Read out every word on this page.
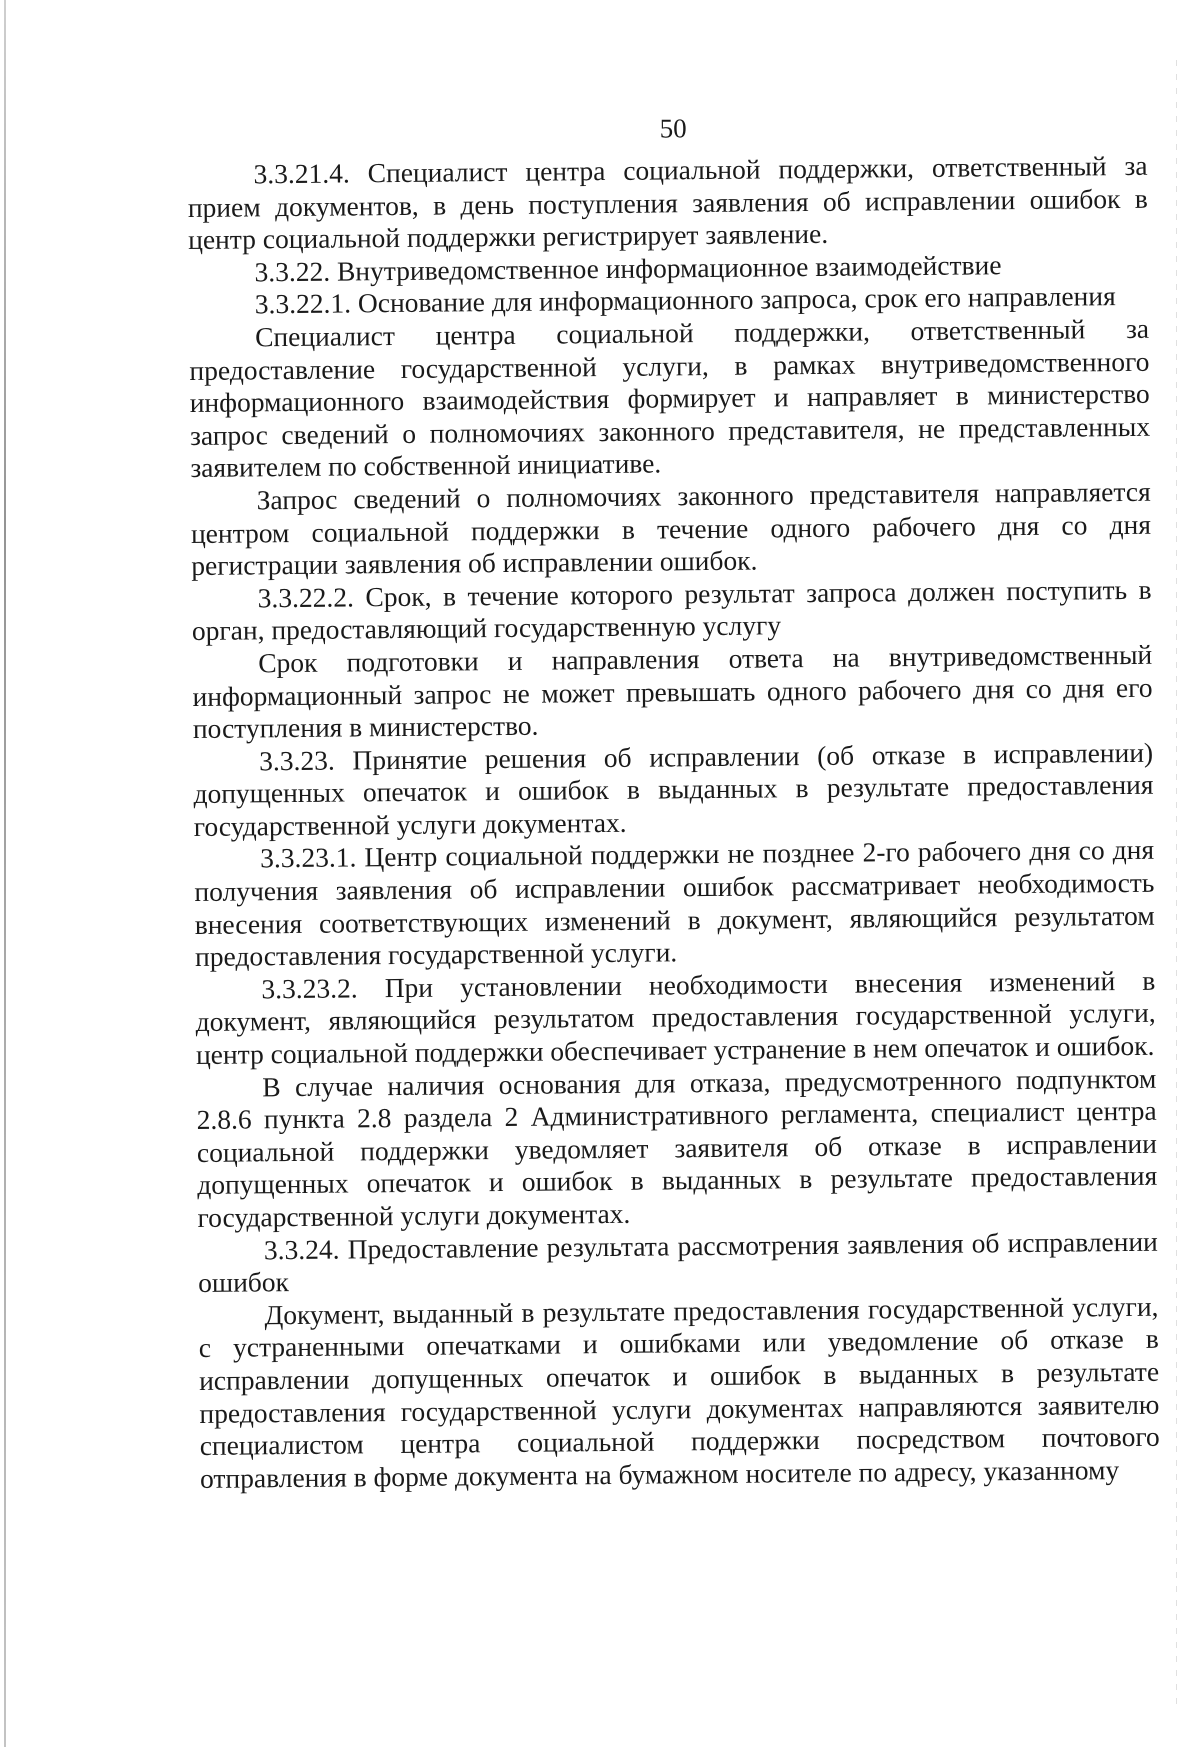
50

3.3.21.4. Специалист центра социальной поддержки, ответственный за прием документов, в день поступления заявления об исправлении ошибок в центр социальной поддержки регистрирует заявление.

3.3.22. Внутриведомственное информационное взаимодействие

3.3.22.1. Основание для информационного запроса, срок его направления

Специалист центра социальной поддержки, ответственный за предоставление государственной услуги, в рамках внутриведомственного информационного взаимодействия формирует и направляет в министерство запрос сведений о полномочиях законного представителя, не представленных заявителем по собственной инициативе.

Запрос сведений о полномочиях законного представителя направляется центром социальной поддержки в течение одного рабочего дня со дня регистрации заявления об исправлении ошибок.

3.3.22.2. Срок, в течение которого результат запроса должен поступить в орган, предоставляющий государственную услугу

Срок подготовки и направления ответа на внутриведомственный информационный запрос не может превышать одного рабочего дня со дня его поступления в министерство.

3.3.23. Принятие решения об исправлении (об отказе в исправлении) допущенных опечаток и ошибок в выданных в результате предоставления государственной услуги документах.

3.3.23.1. Центр социальной поддержки не позднее 2-го рабочего дня со дня получения заявления об исправлении ошибок рассматривает необходимость внесения соответствующих изменений в документ, являющийся результатом предоставления государственной услуги.

3.3.23.2. При установлении необходимости внесения изменений в документ, являющийся результатом предоставления государственной услуги, центр социальной поддержки обеспечивает устранение в нем опечаток и ошибок.

В случае наличия основания для отказа, предусмотренного подпунктом 2.8.6 пункта 2.8 раздела 2 Административного регламента, специалист центра социальной поддержки уведомляет заявителя об отказе в исправлении допущенных опечаток и ошибок в выданных в результате предоставления государственной услуги документах.

3.3.24. Предоставление результата рассмотрения заявления об исправлении ошибок

Документ, выданный в результате предоставления государственной услуги, с устраненными опечатками и ошибками или уведомление об отказе в исправлении допущенных опечаток и ошибок в выданных в результате предоставления государственной услуги документах направляются заявителю специалистом центра социальной поддержки посредством почтового отправления в форме документа на бумажном носителе по адресу, указанному
